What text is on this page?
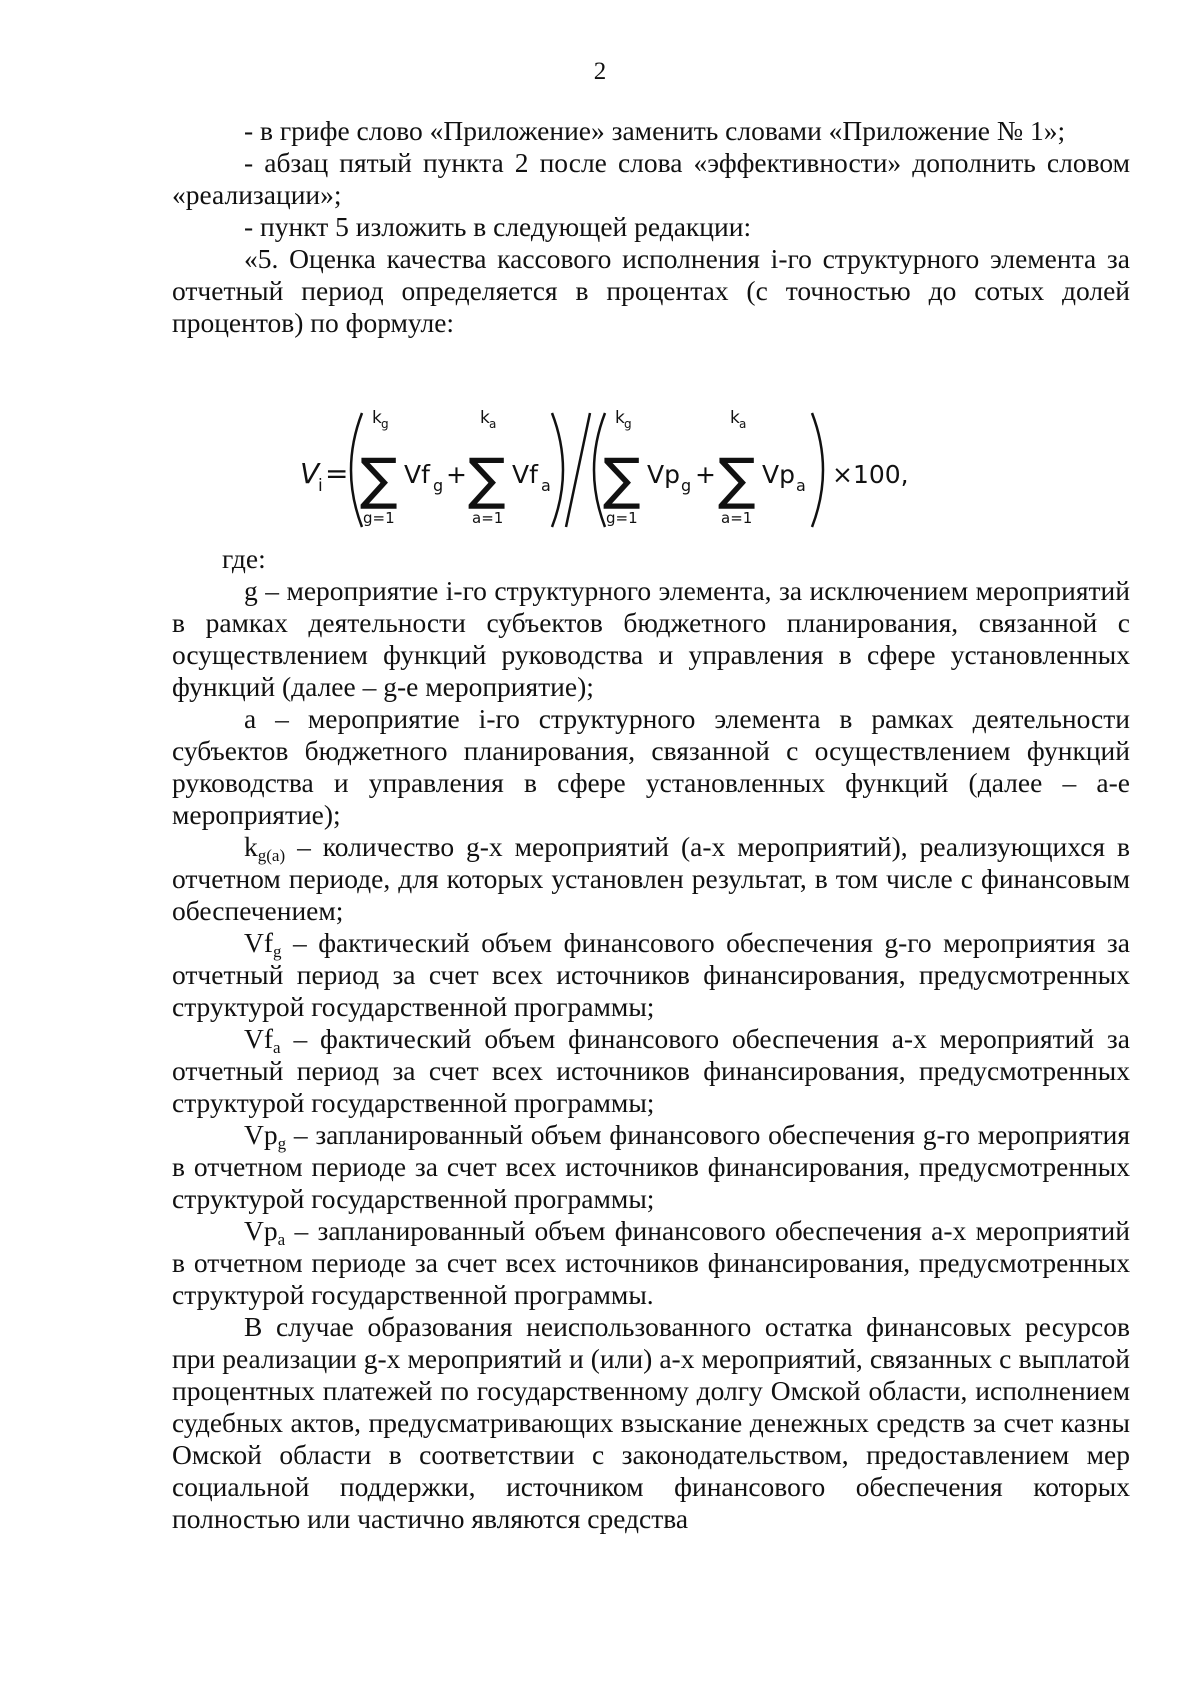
2

- в грифе слово «Приложение» заменить словами «Приложение № 1»;

- абзац пятый пункта 2 после слова «эффективности» дополнить словом «реализации»;

- пункт 5 изложить в следующей редакции:

«5. Оценка качества кассового исполнения i-го структурного элемента за отчетный период определяется в процентах (с точностью до сотых долей процентов) по формуле:

V
i =
k g
∑
g=1
Vf g +
k a
∑
a=1
Vf a
k g
∑
g=1
Vp g +
k a
∑
a=1
Vp a ×100,

где:

g – мероприятие i-го структурного элемента, за исключением мероприятий в рамках деятельности субъектов бюджетного планирования, связанной с осуществлением функций руководства и управления в сфере установленных функций (далее – g-е мероприятие);

а – мероприятие i-го структурного элемента в рамках деятельности субъектов бюджетного планирования, связанной с осуществлением функций руководства и управления в сфере установленных функций (далее – а-е мероприятие);

$k_{g(a)}$ – количество g-х мероприятий (а-х мероприятий), реализующихся в отчетном периоде, для которых установлен результат, в том числе с финансовым обеспечением;

$Vf_g$ – фактический объем финансового обеспечения g-го мероприятия за отчетный период за счет всех источников финансирования, предусмотренных структурой государственной программы;

$Vf_a$ – фактический объем финансового обеспечения а-х мероприятий за отчетный период за счет всех источников финансирования, предусмотренных структурой государственной программы;

$Vp_g$ – запланированный объем финансового обеспечения g-го мероприятия в отчетном периоде за счет всех источников финансирования, предусмотренных структурой государственной программы;

$Vp_a$ – запланированный объем финансового обеспечения а-х мероприятий в отчетном периоде за счет всех источников финансирования, предусмотренных структурой государственной программы.

В случае образования неиспользованного остатка финансовых ресурсов при реализации g-х мероприятий и (или) а-х мероприятий, связанных с выплатой процентных платежей по государственному долгу Омской области, исполнением судебных актов, предусматривающих взыскание денежных средств за счет казны Омской области в соответствии с законодательством, предоставлением мер социальной поддержки, источником финансового обеспечения которых полностью или частично являются средства
